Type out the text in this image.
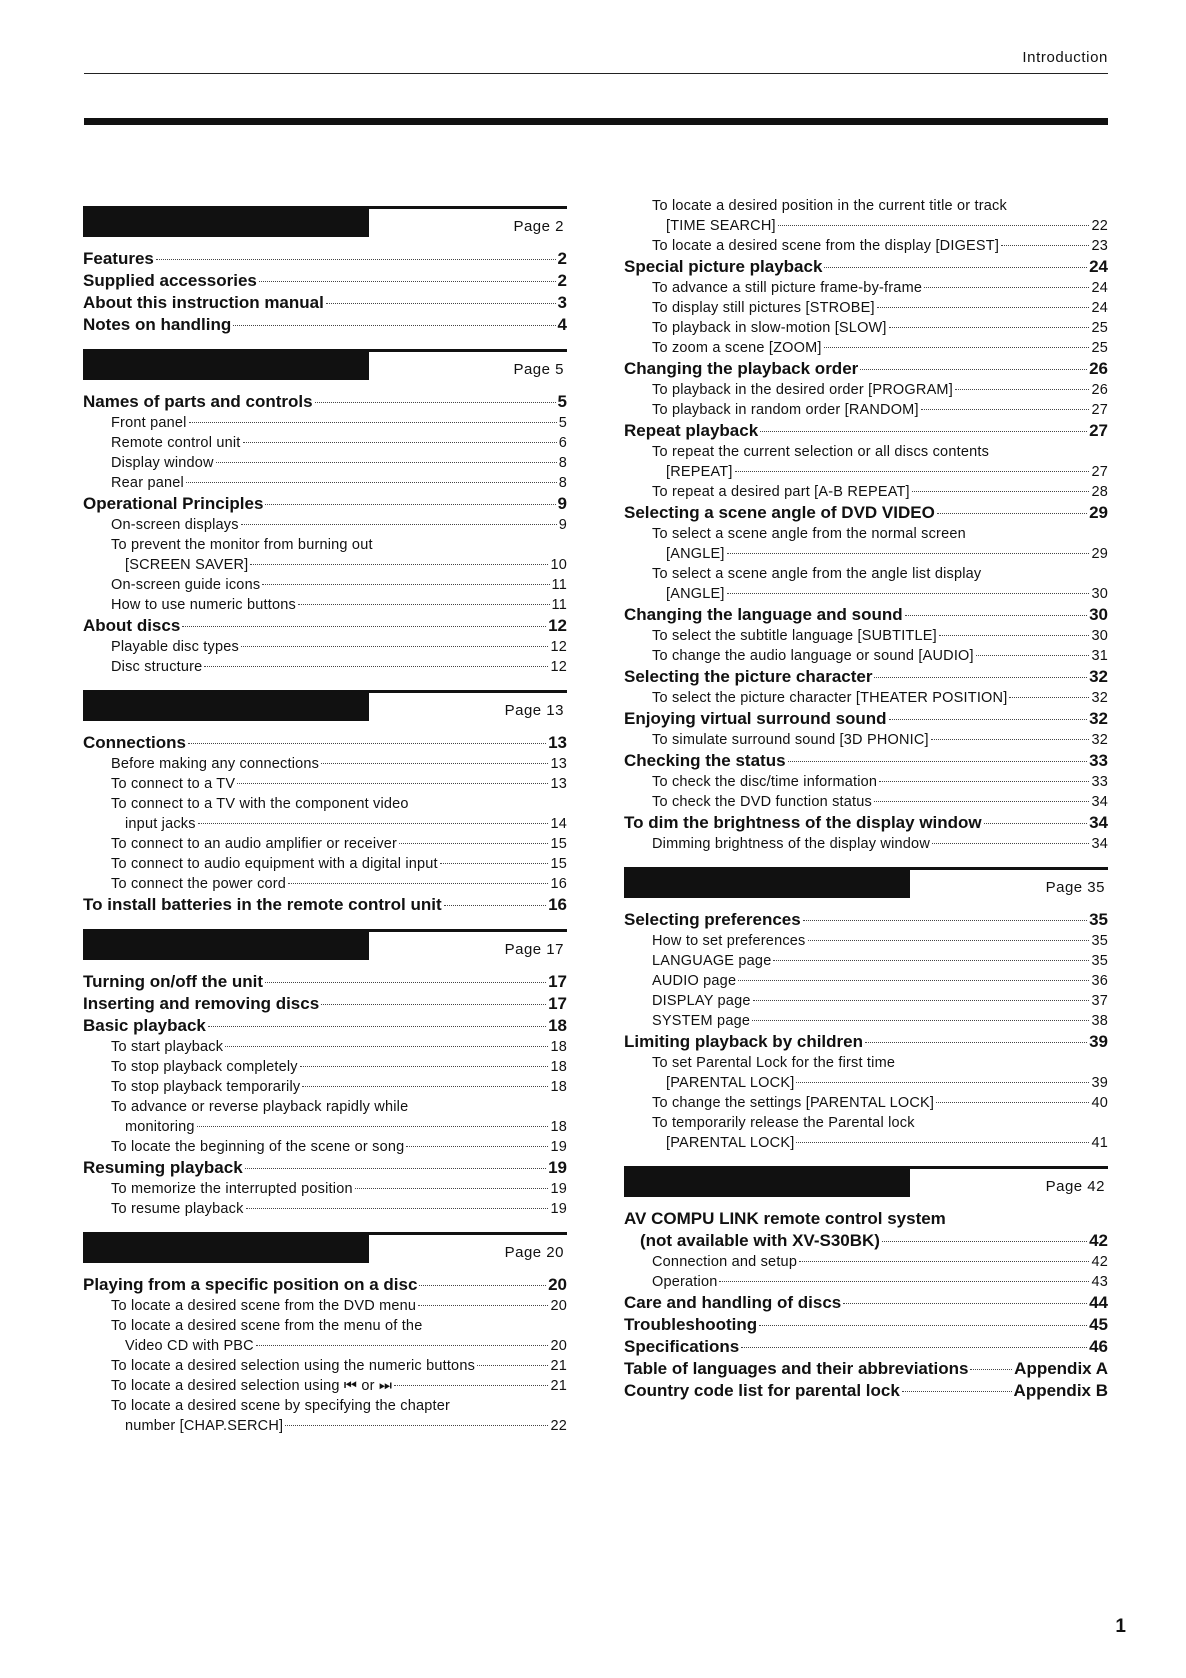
Introduction
Page 2
Features	2
Supplied accessories	2
About this instruction manual	3
Notes on handling	4
Page 5
Names of parts and controls	5
Front panel	5
Remote control unit	6
Display window	8
Rear panel	8
Operational Principles	9
On-screen displays	9
To prevent the monitor from burning out
[SCREEN SAVER]	10
On-screen guide icons	11
How to use numeric buttons	11
About discs	12
Playable disc types	12
Disc structure	12
Page 13
Connections	13
Before making any connections	13
To connect to a TV	13
To connect to a TV with the component video
input jacks	14
To connect to an audio amplifier or receiver	15
To connect to audio equipment with a digital input	15
To connect the power cord	16
To install batteries in the remote control unit	16
Page 17
Turning on/off the unit	17
Inserting and removing discs	17
Basic playback	18
To start playback	18
To stop playback completely	18
To stop playback temporarily	18
To advance or reverse playback rapidly while
monitoring	18
To locate the beginning of the scene or song	19
Resuming playback	19
To memorize the interrupted position	19
To resume playback	19
Page 20
Playing from a specific position on a disc	20
To locate a desired scene from the DVD menu	20
To locate a desired scene from the menu of the
Video CD with PBC	20
To locate a desired selection using the numeric buttons	21
To locate a desired selection using ⏮ or ⏭	21
To locate a desired scene by specifying the chapter
number [CHAP.SERCH]	22
To locate a desired position in the current title or track
[TIME SEARCH]	22
To locate a desired scene from the display [DIGEST]	23
Special picture playback	24
To advance a still picture frame-by-frame	24
To display still pictures [STROBE]	24
To playback in slow-motion [SLOW]	25
To zoom a scene [ZOOM]	25
Changing the playback order	26
To playback in the desired order [PROGRAM]	26
To playback in random order [RANDOM]	27
Repeat playback	27
To repeat the current selection or all discs contents
[REPEAT]	27
To repeat a desired part [A-B REPEAT]	28
Selecting a scene angle of DVD VIDEO	29
To select a scene angle from the normal screen
[ANGLE]	29
To select a scene angle from the angle list display
[ANGLE]	30
Changing the language and sound	30
To select the subtitle language [SUBTITLE]	30
To change the audio language or sound [AUDIO]	31
Selecting the picture character	32
To select the picture character [THEATER POSITION]	32
Enjoying virtual surround sound	32
To simulate surround sound [3D PHONIC]	32
Checking the status	33
To check the disc/time information	33
To check the DVD function status	34
To dim the brightness of the display window	34
Dimming brightness of the display window	34
Page 35
Selecting preferences	35
How to set preferences	35
LANGUAGE page	35
AUDIO page	36
DISPLAY page	37
SYSTEM page	38
Limiting playback by children	39
To set Parental Lock for the first time
[PARENTAL LOCK]	39
To change the settings [PARENTAL LOCK]	40
To temporarily release the Parental lock
[PARENTAL LOCK]	41
Page 42
AV COMPU LINK remote control system
(not available with XV-S30BK)	42
Connection and setup	42
Operation	43
Care and handling of discs	44
Troubleshooting	45
Specifications	46
Table of languages and their abbreviations	Appendix A
Country code list for parental lock	Appendix B
1
